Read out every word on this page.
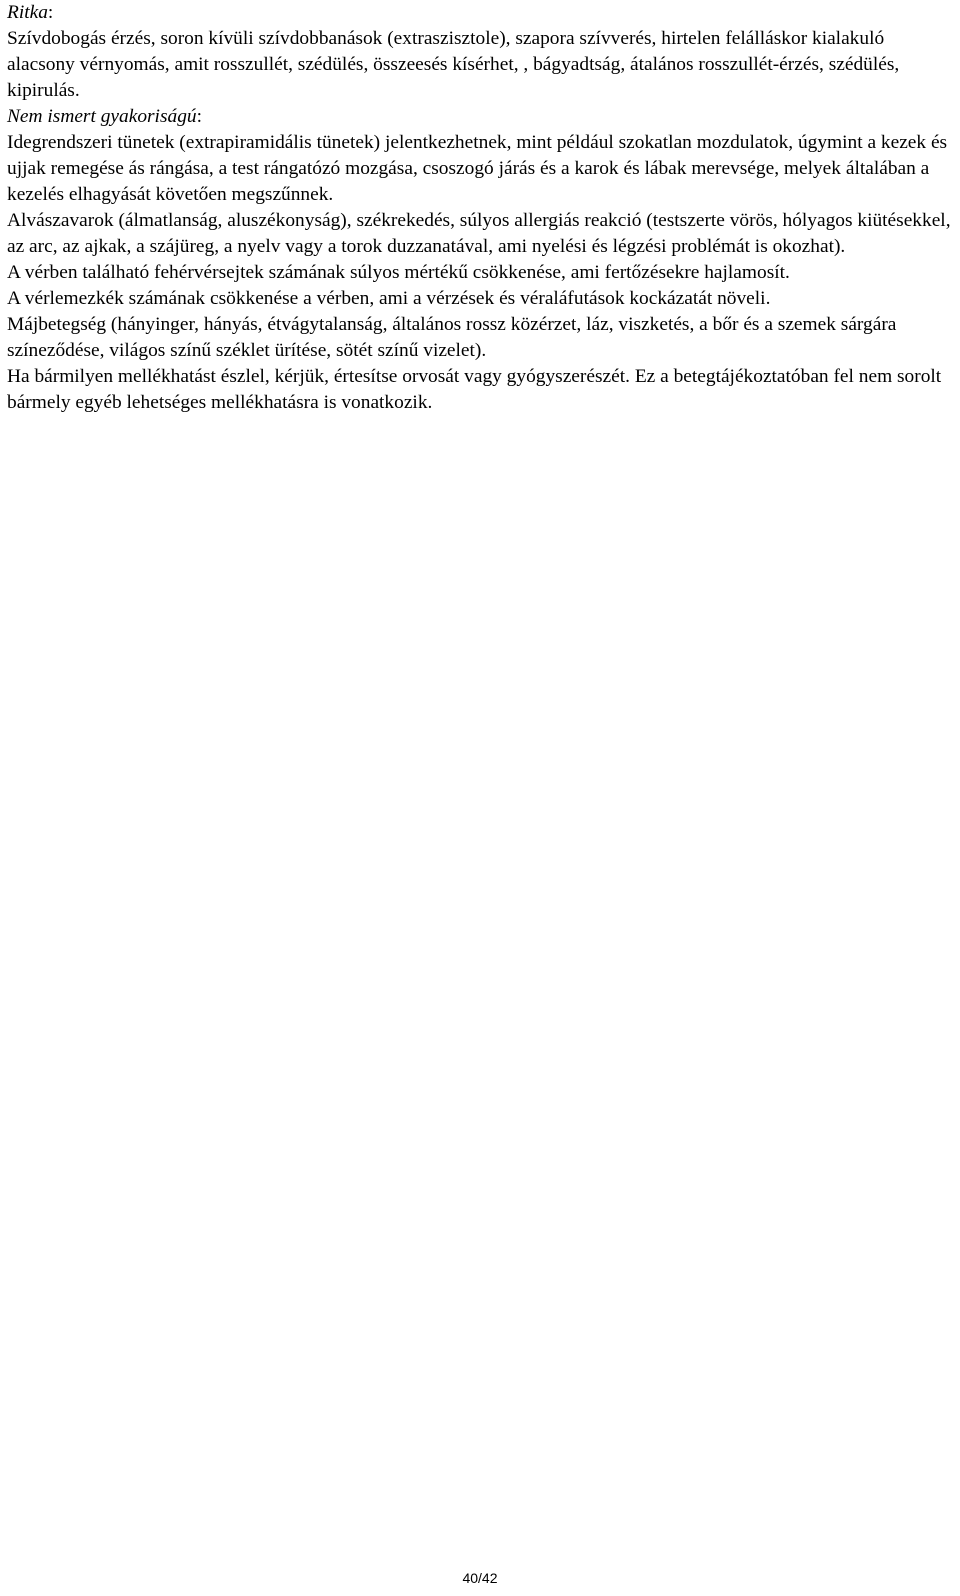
Ritka:
Szívdobogás érzés, soron kívüli szívdobbanások (extraszisztole), szapora szívverés, hirtelen felálláskor kialakuló alacsony vérnyomás, amit rosszullét, szédülés, összeesés kísérhet, , bágyadtság, átalános rosszullét-érzés, szédülés, kipirulás.

Nem ismert gyakoriságú:
Idegrendszeri tünetek (extrapiramidális tünetek) jelentkezhetnek, mint például szokatlan mozdulatok, úgymint a kezek és ujjak remegése ás rángása, a test rángatózó mozgása, csoszogó járás és a karok és lábak merevsége, melyek általában a kezelés elhagyását követően megszűnnek.

Alvászavarok (álmatlanság, aluszékonyság), székrekedés, súlyos allergiás reakció (testszerte vörös, hólyagos kiütésekkel, az arc, az ajkak, a szájüreg, a nyelv vagy a torok duzzanatával, ami nyelési és légzési problémát is okozhat).

A vérben található fehérvérsejtek számának súlyos mértékű csökkenése, ami fertőzésekre hajlamosít.

A vérlemezkék számának csökkenése a vérben, ami a vérzések és véraláfutások kockázatát növeli.

Májbetegség (hányinger, hányás, étvágytalanság, általános rossz közérzet, láz, viszketés, a bőr és a szemek sárgára színeződése, világos színű széklet ürítése, sötét színű vizelet).

Ha bármilyen mellékhatást észlel, kérjük, értesítse orvosát vagy gyógyszerészét. Ez a betegtájékoztatóban fel nem sorolt bármely egyéb lehetséges mellékhatásra is vonatkozik.

40/42
